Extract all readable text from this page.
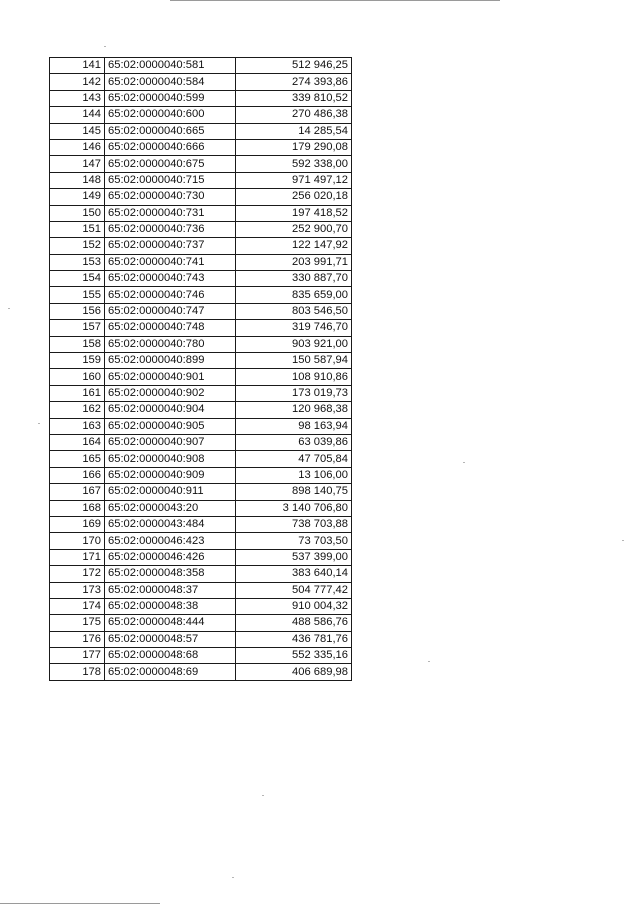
141	65:02:0000040:581	512 946,25
142	65:02:0000040:584	274 393,86
143	65:02:0000040:599	339 810,52
144	65:02:0000040:600	270 486,38
145	65:02:0000040:665	14 285,54
146	65:02:0000040:666	179 290,08
147	65:02:0000040:675	592 338,00
148	65:02:0000040:715	971 497,12
149	65:02:0000040:730	256 020,18
150	65:02:0000040:731	197 418,52
151	65:02:0000040:736	252 900,70
152	65:02:0000040:737	122 147,92
153	65:02:0000040:741	203 991,71
154	65:02:0000040:743	330 887,70
155	65:02:0000040:746	835 659,00
156	65:02:0000040:747	803 546,50
157	65:02:0000040:748	319 746,70
158	65:02:0000040:780	903 921,00
159	65:02:0000040:899	150 587,94
160	65:02:0000040:901	108 910,86
161	65:02:0000040:902	173 019,73
162	65:02:0000040:904	120 968,38
163	65:02:0000040:905	98 163,94
164	65:02:0000040:907	63 039,86
165	65:02:0000040:908	47 705,84
166	65:02:0000040:909	13 106,00
167	65:02:0000040:911	898 140,75
168	65:02:0000043:20	3 140 706,80
169	65:02:0000043:484	738 703,88
170	65:02:0000046:423	73 703,50
171	65:02:0000046:426	537 399,00
172	65:02:0000048:358	383 640,14
173	65:02:0000048:37	504 777,42
174	65:02:0000048:38	910 004,32
175	65:02:0000048:444	488 586,76
176	65:02:0000048:57	436 781,76
177	65:02:0000048:68	552 335,16
178	65:02:0000048:69	406 689,98
